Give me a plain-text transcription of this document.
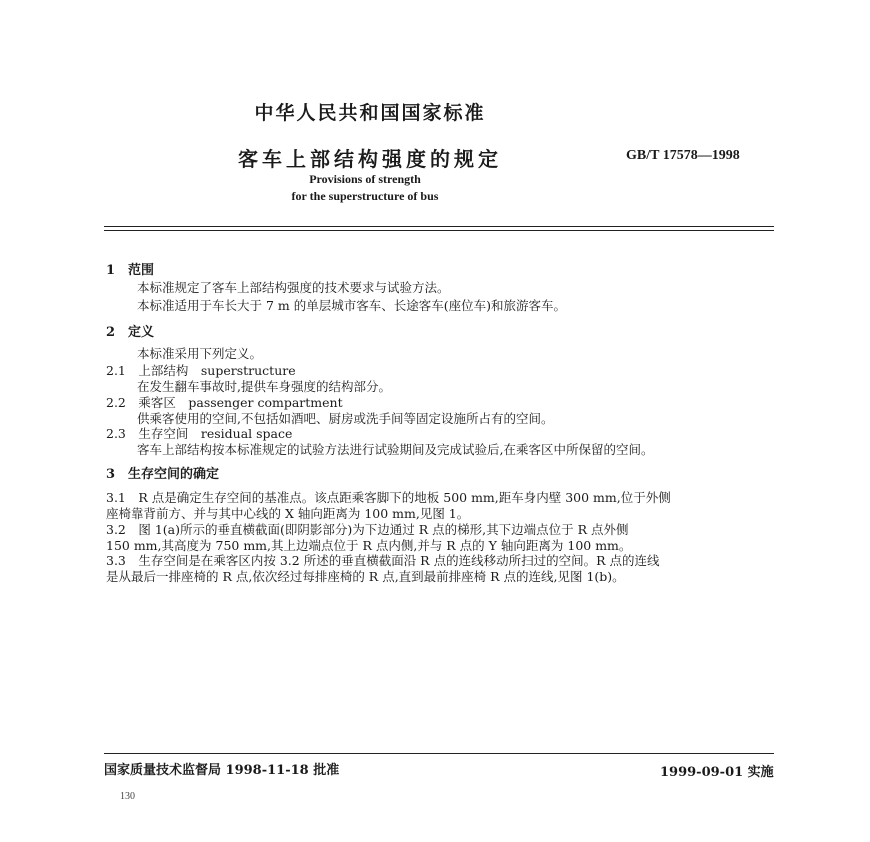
中华人民共和国国家标准
客车上部结构强度的规定	GB/T 17578—1998
Provisions of strength
for the superstructure of bus
1　范围
本标准规定了客车上部结构强度的技术要求与试验方法。
本标准适用于车长大于 7 m 的单层城市客车、长途客车(座位车)和旅游客车。
2　定义
本标准采用下列定义。
2.1　上部结构　superstructure
在发生翻车事故时,提供车身强度的结构部分。
2.2　乘客区　passenger compartment
供乘客使用的空间,不包括如酒吧、厨房或洗手间等固定设施所占有的空间。
2.3　生存空间　residual space
客车上部结构按本标准规定的试验方法进行试验期间及完成试验后,在乘客区中所保留的空间。
3　生存空间的确定
3.1　R 点是确定生存空间的基准点。该点距乘客脚下的地板 500 mm,距车身内壁 300 mm,位于外侧
座椅靠背前方、并与其中心线的 X 轴向距离为 100 mm,见图 1。
3.2　图 1(a)所示的垂直横截面(即阴影部分)为下边通过 R 点的梯形,其下边端点位于 R 点外侧
150 mm,其高度为 750 mm,其上边端点位于 R 点内侧,并与 R 点的 Y 轴向距离为 100 mm。
3.3　生存空间是在乘客区内按 3.2 所述的垂直横截面沿 R 点的连线移动所扫过的空间。R 点的连线
是从最后一排座椅的 R 点,依次经过每排座椅的 R 点,直到最前排座椅 R 点的连线,见图 1(b)。
国家质量技术监督局 1998-11-18 批准	1999-09-01 实施
130
